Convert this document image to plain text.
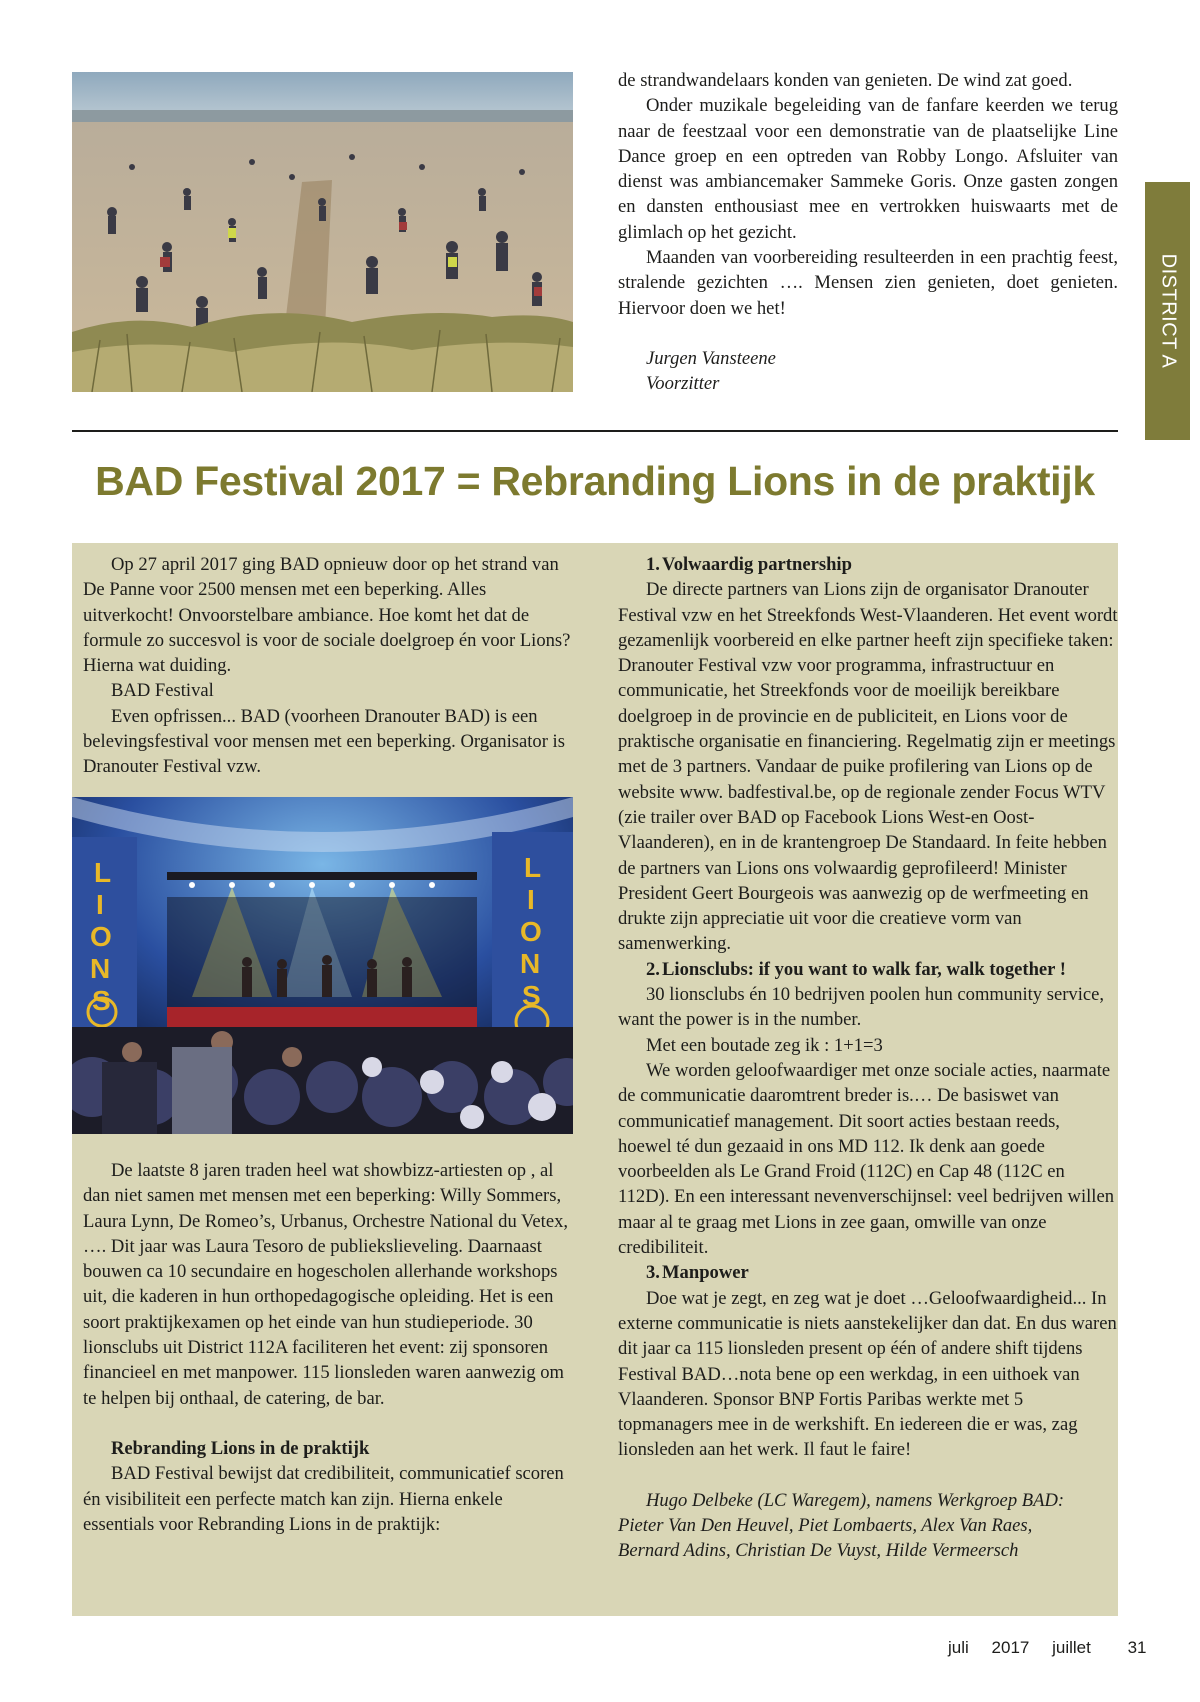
de strandwandelaars konden van genieten. De wind zat goed.

Onder muzikale begeleiding van de fanfare keerden we terug naar de feestzaal voor een demonstratie van de plaatselijke Line Dance groep en een optreden van Robby Longo. Afsluiter van dienst was ambiancemaker Sammeke Goris. Onze gasten zongen en dansten enthousiast mee en vertrokken huiswaarts met de glimlach op het gezicht.

Maanden van voorbereiding resulteerden in een prachtig feest, stralende gezichten …. Mensen zien genieten, doet genieten. Hiervoor doen we het!

Jurgen Vansteene
Voorzitter
DISTRICT A
BAD Festival 2017 = Rebranding Lions in de praktijk

Op 27 april 2017 ging BAD opnieuw door op het strand van De Panne voor 2500 mensen met een beperking. Alles uitverkocht! Onvoorstelbare ambiance. Hoe komt het dat de formule zo succesvol is voor de sociale doelgroep én voor Lions? Hierna wat duiding.

BAD Festival

Even opfrissen... BAD (voorheen Dranouter BAD) is een belevingsfestival voor mensen met een beperking. Organisator is Dranouter Festival vzw.

L I O N S
L I O N S

De laatste 8 jaren traden heel wat showbizz-artiesten op , al dan niet samen met mensen met een beperking: Willy Sommers, Laura Lynn, De Romeo’s, Urbanus, Orchestre National du Vetex, …. Dit jaar was Laura Tesoro de publiekslieveling. Daarnaast bouwen ca 10 secundaire en hogescholen allerhande workshops uit, die kaderen in hun orthopedagogische opleiding. Het is een soort praktijkexamen op het einde van hun studieperiode. 30 lionsclubs uit District 112A faciliteren het event: zij sponsoren financieel en met manpower. 115 lionsleden waren aanwezig om te helpen bij onthaal, de catering, de bar.

Rebranding Lions in de praktijk

BAD Festival bewijst dat credibiliteit, communicatief scoren én visibiliteit een perfecte match kan zijn. Hierna enkele essentials voor Rebranding Lions in de praktijk:

1. Volwaardig partnership

De directe partners van Lions zijn de organisator Dranouter Festival vzw en het Streekfonds West-Vlaanderen. Het event wordt gezamenlijk voorbereid en elke partner heeft zijn specifieke taken: Dranouter Festival vzw voor programma, infrastructuur en communicatie, het Streekfonds voor de moeilijk bereikbare doelgroep in de provincie en de publiciteit, en Lions voor de praktische organisatie en financiering. Regelmatig zijn er meetings met de 3 partners. Vandaar de puike profilering van Lions op de website www. badfestival.be, op de regionale zender Focus WTV (zie trailer over BAD op Facebook Lions West-en Oost-Vlaanderen), en in de krantengroep De Standaard. In feite hebben de partners van Lions ons volwaardig geprofileerd! Minister President Geert Bourgeois was aanwezig op de werfmeeting en drukte zijn appreciatie uit voor die creatieve vorm van samenwerking.

2. Lionsclubs: if you want to walk far, walk together !

30 lionsclubs én 10 bedrijven poolen hun community service, want the power is in the number.

Met een boutade zeg ik : 1+1=3

We worden geloofwaardiger met onze sociale acties, naarmate de communicatie daaromtrent breder is.… De basiswet van communicatief management. Dit soort acties bestaan reeds, hoewel té dun gezaaid in ons MD 112. Ik denk aan goede voorbeelden als Le Grand Froid (112C) en Cap 48 (112C en 112D). En een interessant nevenverschijnsel: veel bedrijven willen maar al te graag met Lions in zee gaan, omwille van onze credibiliteit.

3. Manpower

Doe wat je zegt, en zeg wat je doet …Geloofwaardigheid... In externe communicatie is niets aanstekelijker dan dat. En dus waren dit jaar ca 115 lionsleden present op één of andere shift tijdens Festival BAD…nota bene op een werkdag, in een uithoek van Vlaanderen. Sponsor BNP Fortis Paribas werkte met 5 topmanagers mee in de werkshift. En iedereen die er was, zag lionsleden aan het werk. Il faut le faire!

Hugo Delbeke (LC Waregem), namens Werkgroep BAD:

Pieter Van Den Heuvel, Piet Lombaerts, Alex Van Raes,

Bernard Adins, Christian De Vuyst, Hilde Vermeersch

juli 2017 juillet 31
